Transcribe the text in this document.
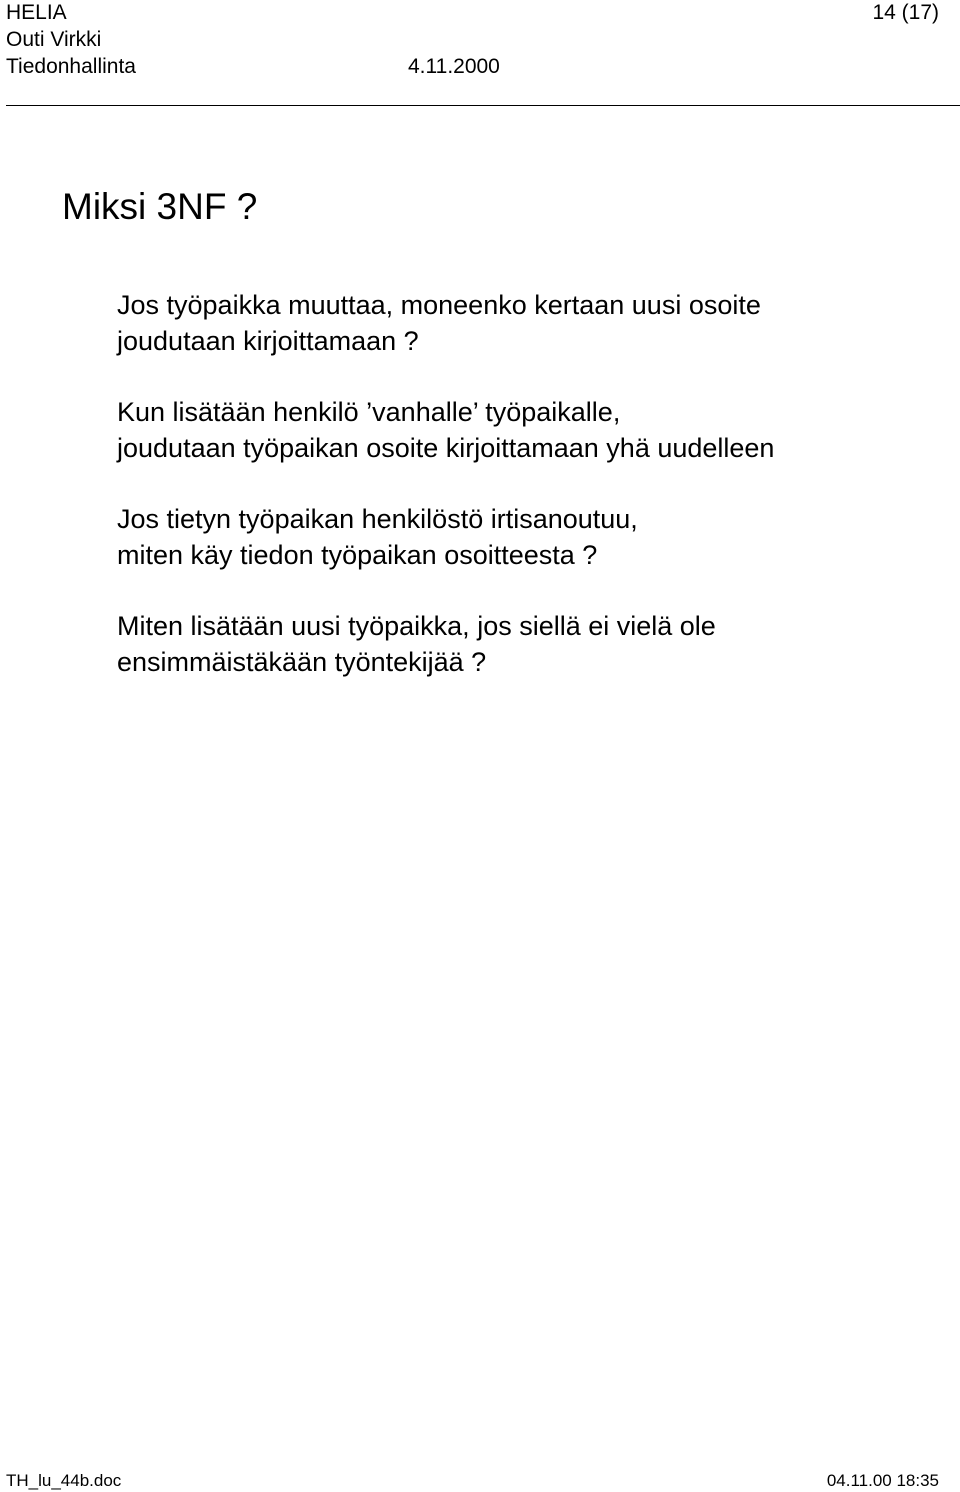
HELIA	14 (17)
Outi Virkki
Tiedonhallinta	4.11.2000
Miksi 3NF ?

Jos työpaikka muuttaa, moneenko kertaan uusi osoite
joudutaan kirjoittamaan ?

Kun lisätään henkilö ’vanhalle’ työpaikalle,
joudutaan työpaikan osoite kirjoittamaan yhä uudelleen

Jos tietyn työpaikan henkilöstö irtisanoutuu,
miten käy tiedon työpaikan osoitteesta ?

Miten lisätään uusi työpaikka, jos siellä ei vielä ole
ensimmäistäkään työntekijää ?

TH_lu_44b.doc	04.11.00 18:35
